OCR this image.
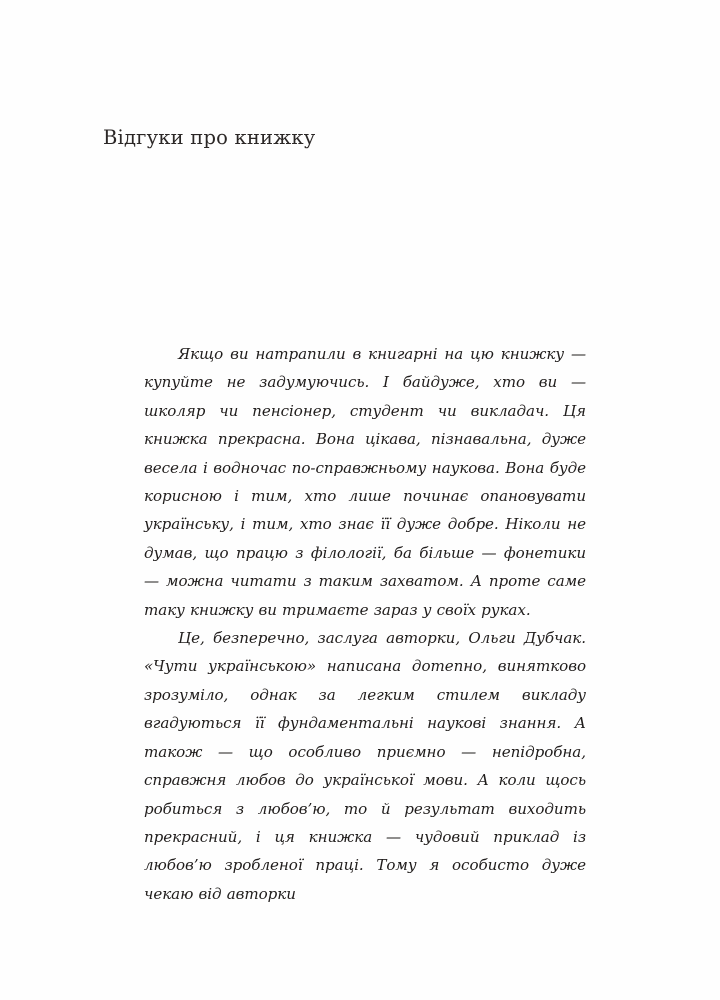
Відгуки про книжку

Якщо ви натрапили в книгарні на цю книжку — купуйте не задумуючись. І байдуже, хто ви — школяр чи пенсіонер, студент чи викладач. Ця книжка прекрасна. Вона цікава, пізнавальна, дуже весела і водночас по-справжньому наукова. Вона буде корисною і тим, хто лише починає опановувати українську, і тим, хто знає її дуже добре. Ніколи не думав, що працю з філології, ба більше — фонетики — можна читати з таким захватом. А проте саме таку книжку ви тримаєте зараз у своїх руках.

Це, безперечно, заслуга авторки, Ольги Дубчак. «Чути українською» написана дотепно, винятково зрозуміло, однак за легким стилем викладу вгадуються її фундаментальні наукові знання. А також — що особливо приємно — непідробна, справжня любов до української мови. А коли щось робиться з любов’ю, то й результат виходить прекрасний, і ця книжка — чудовий приклад із любов’ю зробленої праці. Тому я особисто дуже чекаю від авторки
